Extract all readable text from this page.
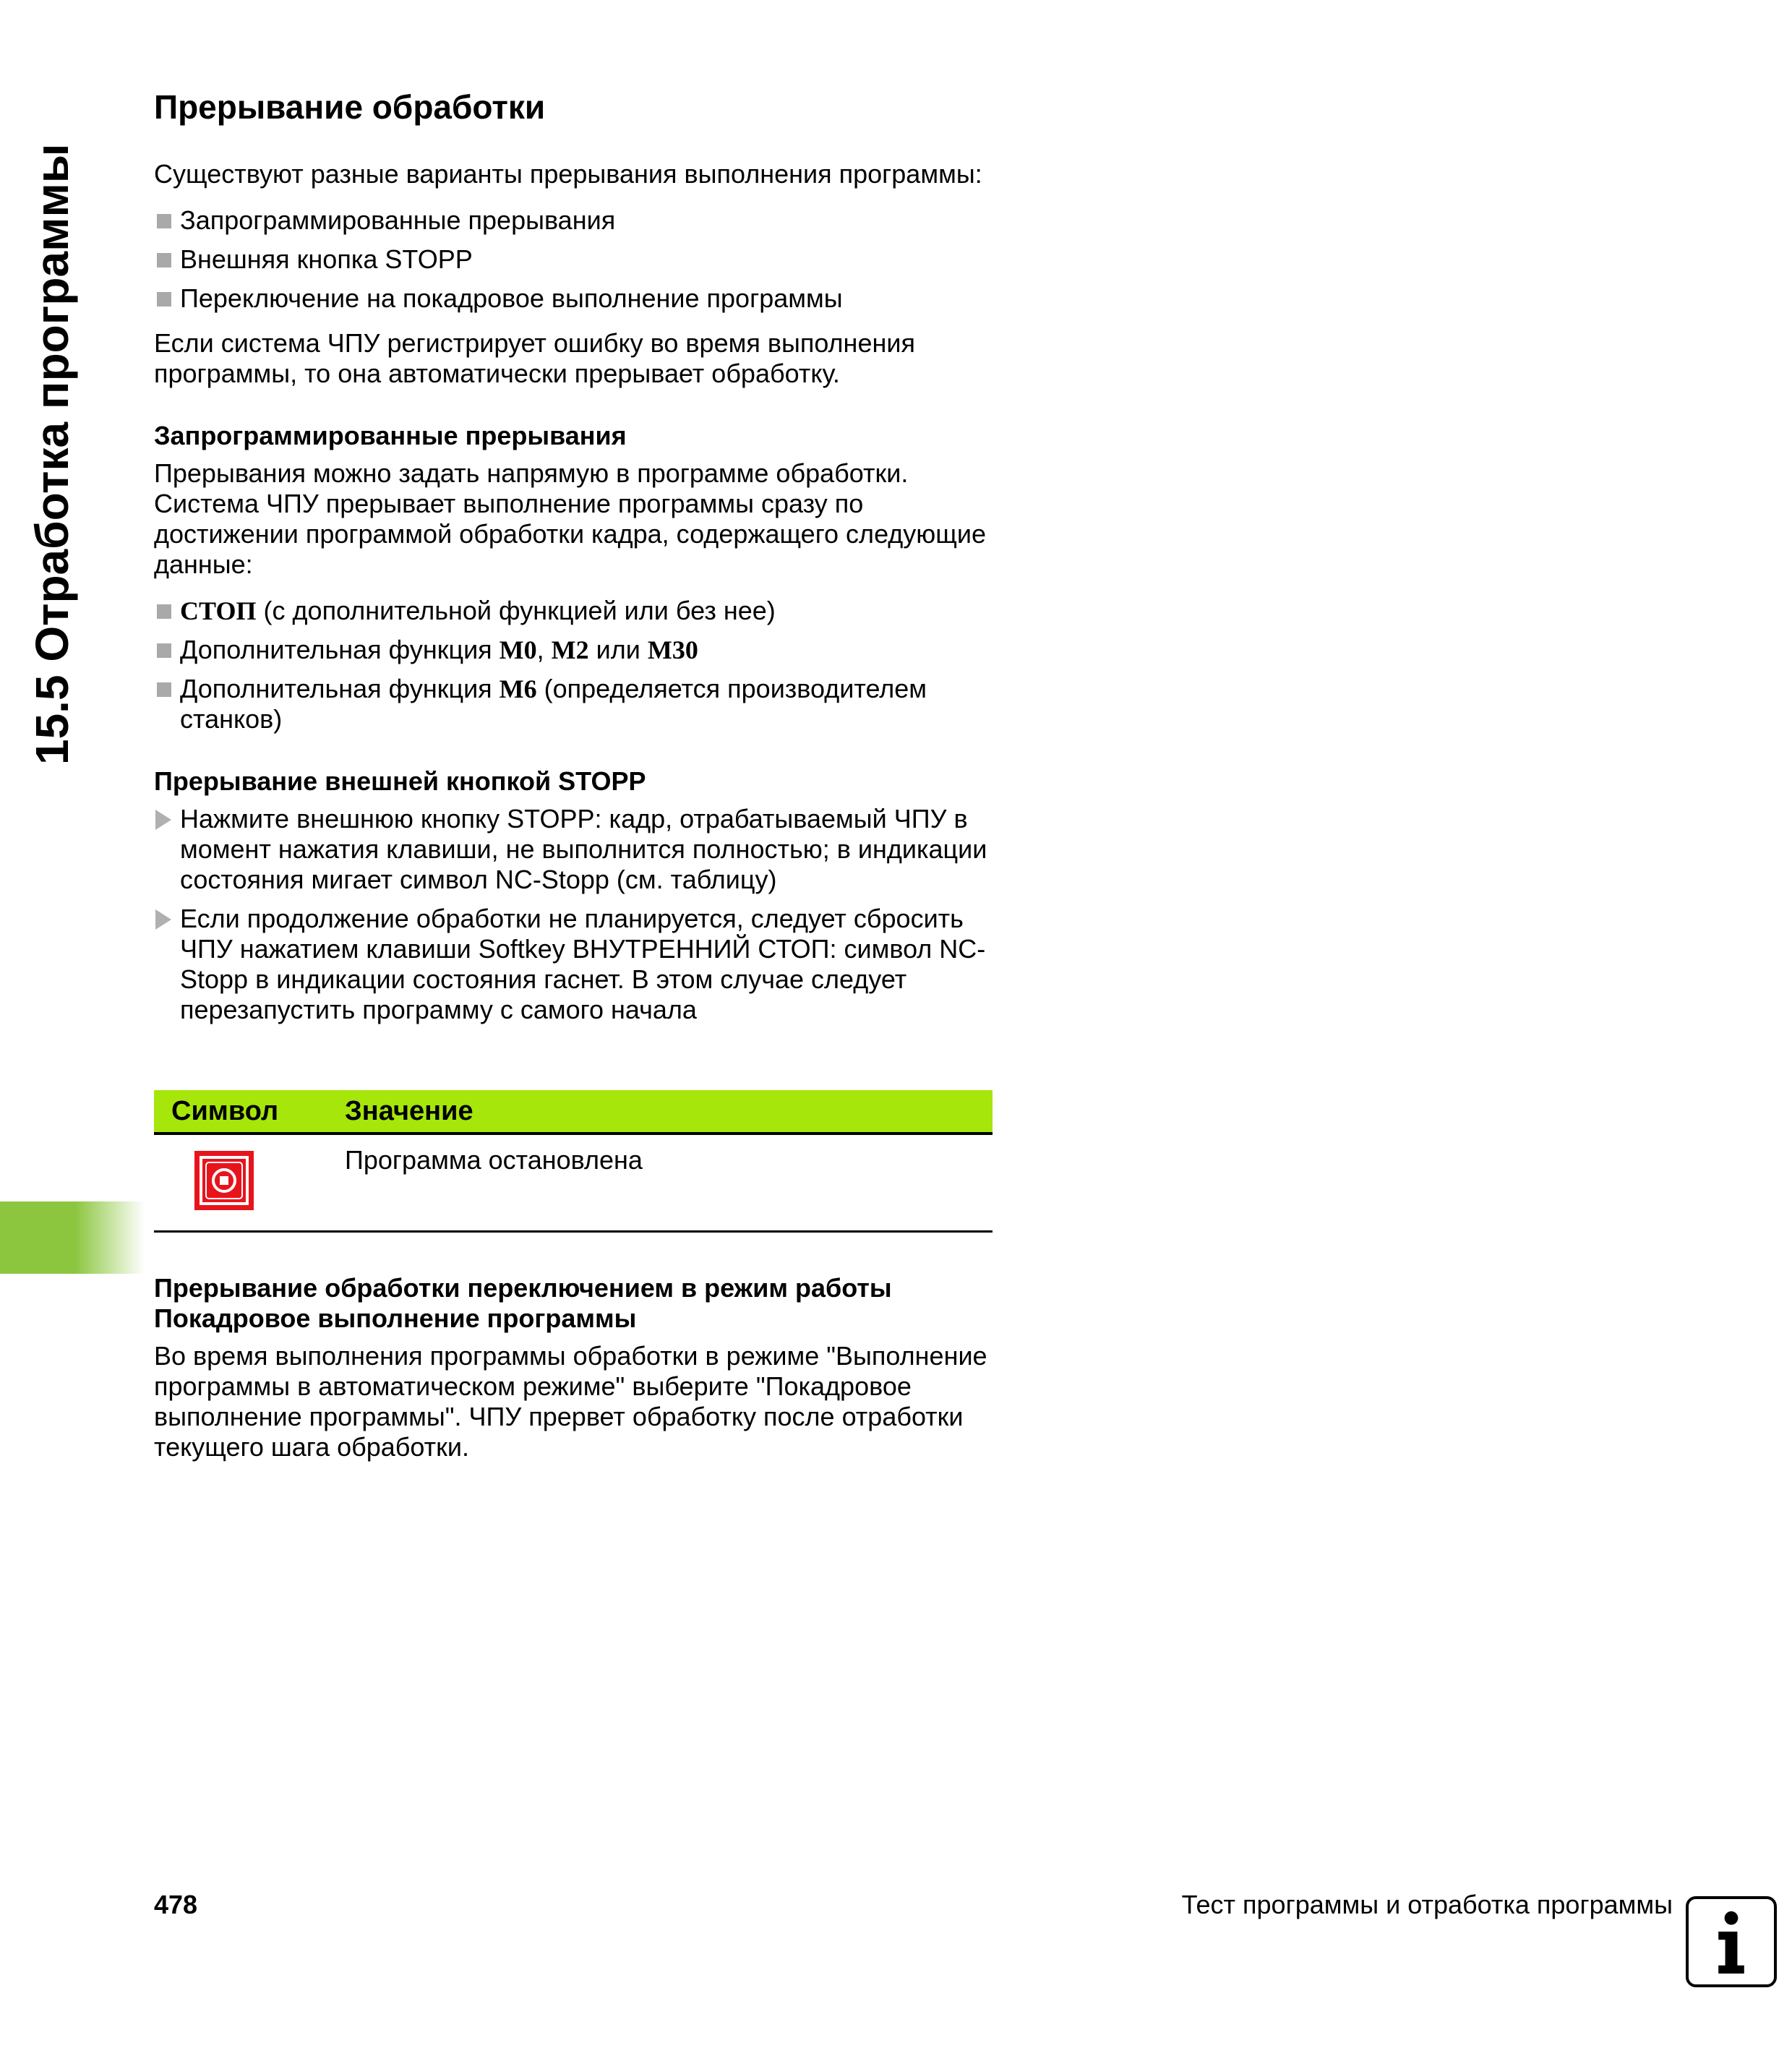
15.5 Отработка программы
Прерывание обработки

Существуют разные варианты прерывания выполнения программы:

Запрограммированные прерывания
Внешняя кнопка STOPP
Переключение на покадровое выполнение программы

Если система ЧПУ регистрирует ошибку во время выполнения программы, то она автоматически прерывает обработку.

Запрограммированные прерывания

Прерывания можно задать напрямую в программе обработки. Система ЧПУ прерывает выполнение программы сразу по достижении программой обработки кадра, содержащего следующие данные:

СТОП (с дополнительной функцией или без нее)
Дополнительная функция M0, M2 или M30
Дополнительная функция M6 (определяется производителем станков)
Прерывание внешней кнопкой STOPP
Нажмите внешнюю кнопку STOPP: кадр, отрабатываемый ЧПУ в момент нажатия клавиши, не выполнится полностью; в индикации состояния мигает символ NC-Stopp (см. таблицу)
Если продолжение обработки не планируется, следует сбросить ЧПУ нажатием клавиши Softkey ВНУТРЕННИЙ СТОП: символ NC-Stopp в индикации состояния гаснет. В этом случае следует перезапустить программу с самого начала
Символ Значение
Программа остановлена
Прерывание обработки переключением в режим работы
Покадровое выполнение программы

Во время выполнения программы обработки в режиме "Выполнение программы в автоматическом режиме" выберите "Покадровое выполнение программы". ЧПУ прервет обработку после отработки текущего шага обработки.

478	Тест программы и отработка программы
